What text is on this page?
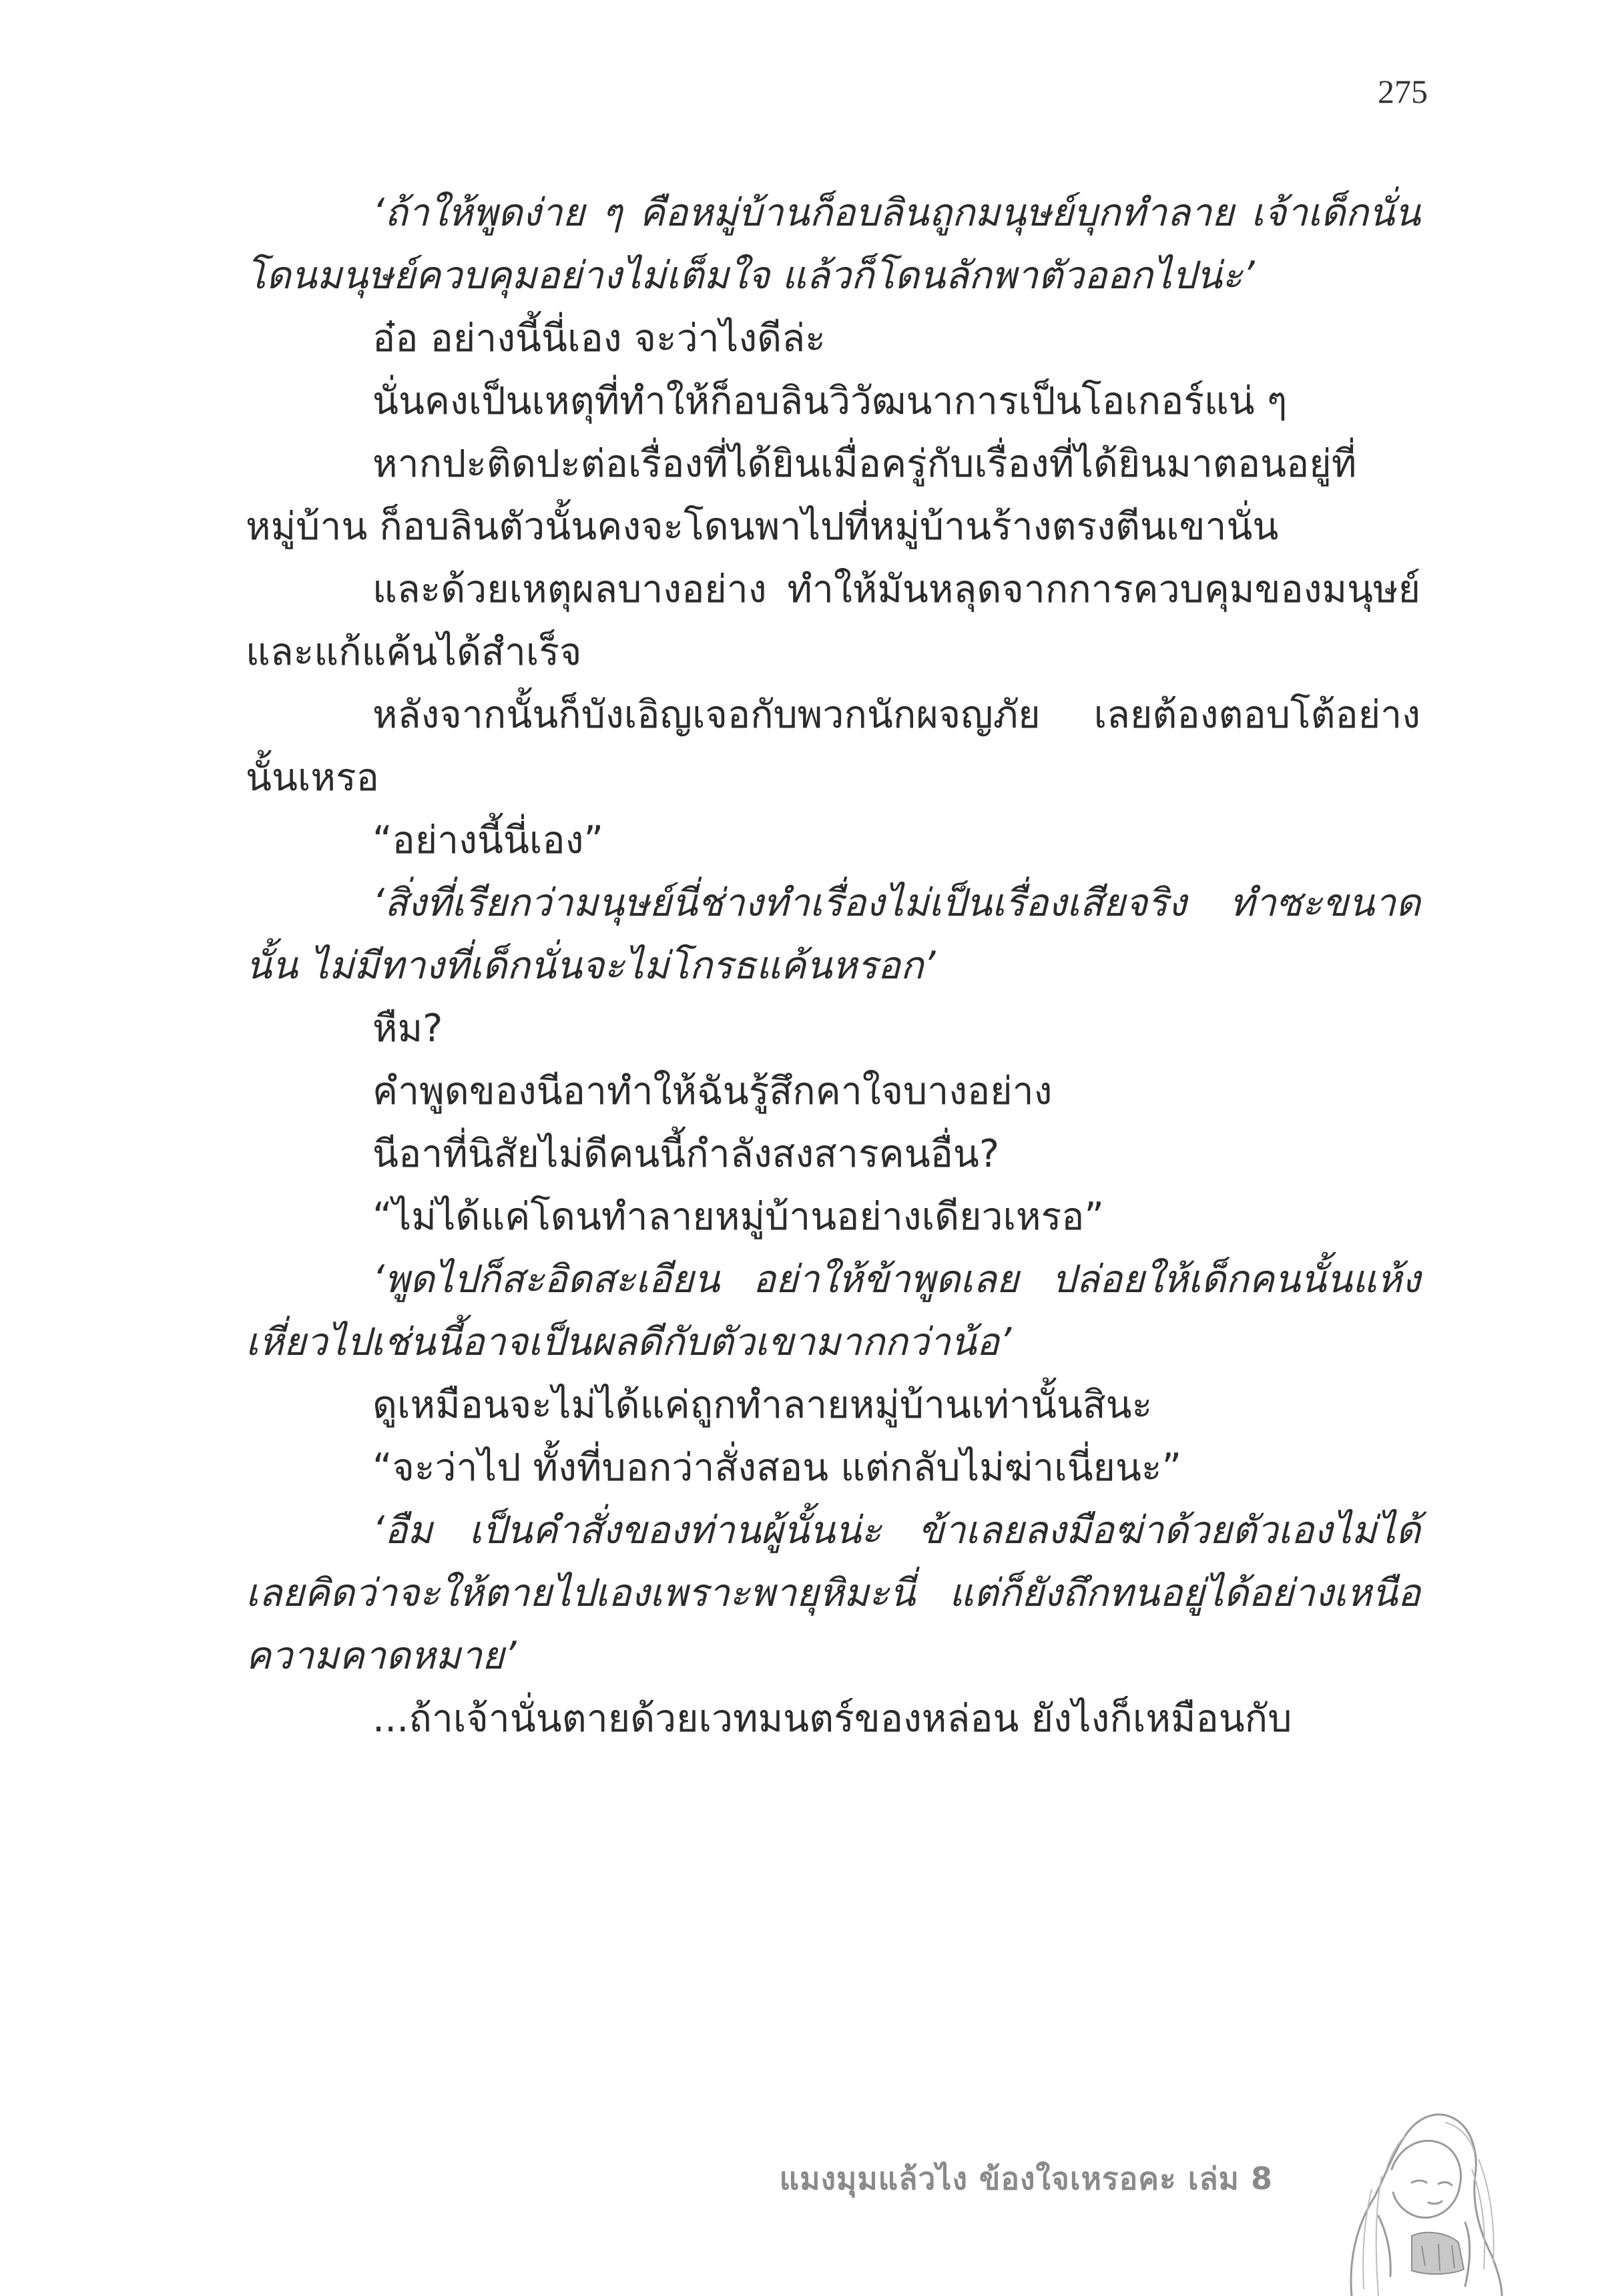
275

‘ถ้าให้พูดง่าย ๆ คือหมู่บ้านก็อบลินถูกมนุษย์บุกทำลาย เจ้าเด็กนั่นโดนมนุษย์ควบคุมอย่างไม่เต็มใจ แล้วก็โดนลักพาตัวออกไปน่ะ’

อ๋อ อย่างนี้นี่เอง จะว่าไงดีล่ะ

นั่นคงเป็นเหตุที่ทำให้ก็อบลินวิวัฒนาการเป็นโอเกอร์แน่ ๆ

หากปะติดปะต่อเรื่องที่ได้ยินเมื่อครู่กับเรื่องที่ได้ยินมาตอนอยู่ที่หมู่บ้าน ก็อบลินตัวนั้นคงจะโดนพาไปที่หมู่บ้านร้างตรงตีนเขานั่น

และด้วยเหตุผลบางอย่าง ทำให้มันหลุดจากการควบคุมของมนุษย์และแก้แค้นได้สำเร็จ

หลังจากนั้นก็บังเอิญเจอกับพวกนักผจญภัย เลยต้องตอบโต้อย่างนั้นเหรอ

“อย่างนี้นี่เอง”

‘สิ่งที่เรียกว่ามนุษย์นี่ช่างทำเรื่องไม่เป็นเรื่องเสียจริง ทำซะขนาดนั้น ไม่มีทางที่เด็กนั่นจะไม่โกรธแค้นหรอก’

หืม?

คำพูดของนีอาทำให้ฉันรู้สึกคาใจบางอย่าง

นีอาที่นิสัยไม่ดีคนนี้กำลังสงสารคนอื่น?

“ไม่ได้แค่โดนทำลายหมู่บ้านอย่างเดียวเหรอ”

‘พูดไปก็สะอิดสะเอียน อย่าให้ข้าพูดเลย ปล่อยให้เด็กคนนั้นแห้งเหี่ยวไปเช่นนี้อาจเป็นผลดีกับตัวเขามากกว่าน้อ’

ดูเหมือนจะไม่ได้แค่ถูกทำลายหมู่บ้านเท่านั้นสินะ

“จะว่าไป ทั้งที่บอกว่าสั่งสอน แต่กลับไม่ฆ่าเนี่ยนะ”

‘อืม เป็นคำสั่งของท่านผู้นั้นน่ะ ข้าเลยลงมือฆ่าด้วยตัวเองไม่ได้ เลยคิดว่าจะให้ตายไปเองเพราะพายุหิมะนี่ แต่ก็ยังถึกทนอยู่ได้อย่างเหนือความคาดหมาย’

...ถ้าเจ้านั่นตายด้วยเวทมนตร์ของหล่อน ยังไงก็เหมือนกับ

แมงมุมแล้วไง ข้องใจเหรอคะ เล่ม 8
